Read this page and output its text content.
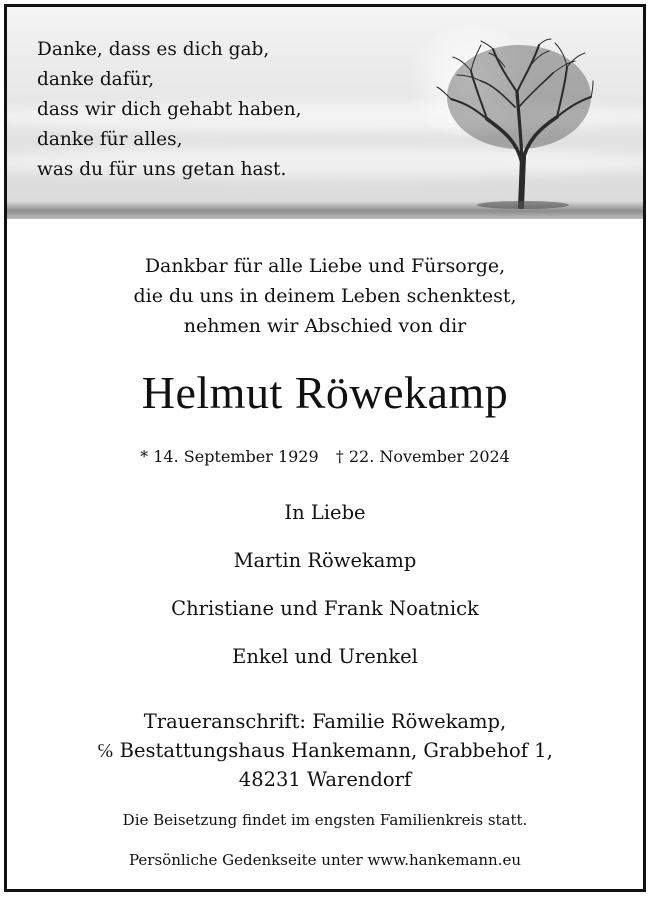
Danke, dass es dich gab,
danke dafür,
dass wir dich gehabt haben,
danke für alles,
was du für uns getan hast.
Dankbar für alle Liebe und Fürsorge,
die du uns in deinem Leben schenktest,
nehmen wir Abschied von dir
Helmut Röwekamp
* 14. September 1929 † 22. November 2024
In Liebe
Martin Röwekamp
Christiane und Frank Noatnick
Enkel und Urenkel
Traueranschrift: Familie Röwekamp,
℅ Bestattungshaus Hankemann, Grabbehof 1,
48231 Warendorf
Die Beisetzung findet im engsten Familienkreis statt.
Persönliche Gedenkseite unter www.hankemann.eu
